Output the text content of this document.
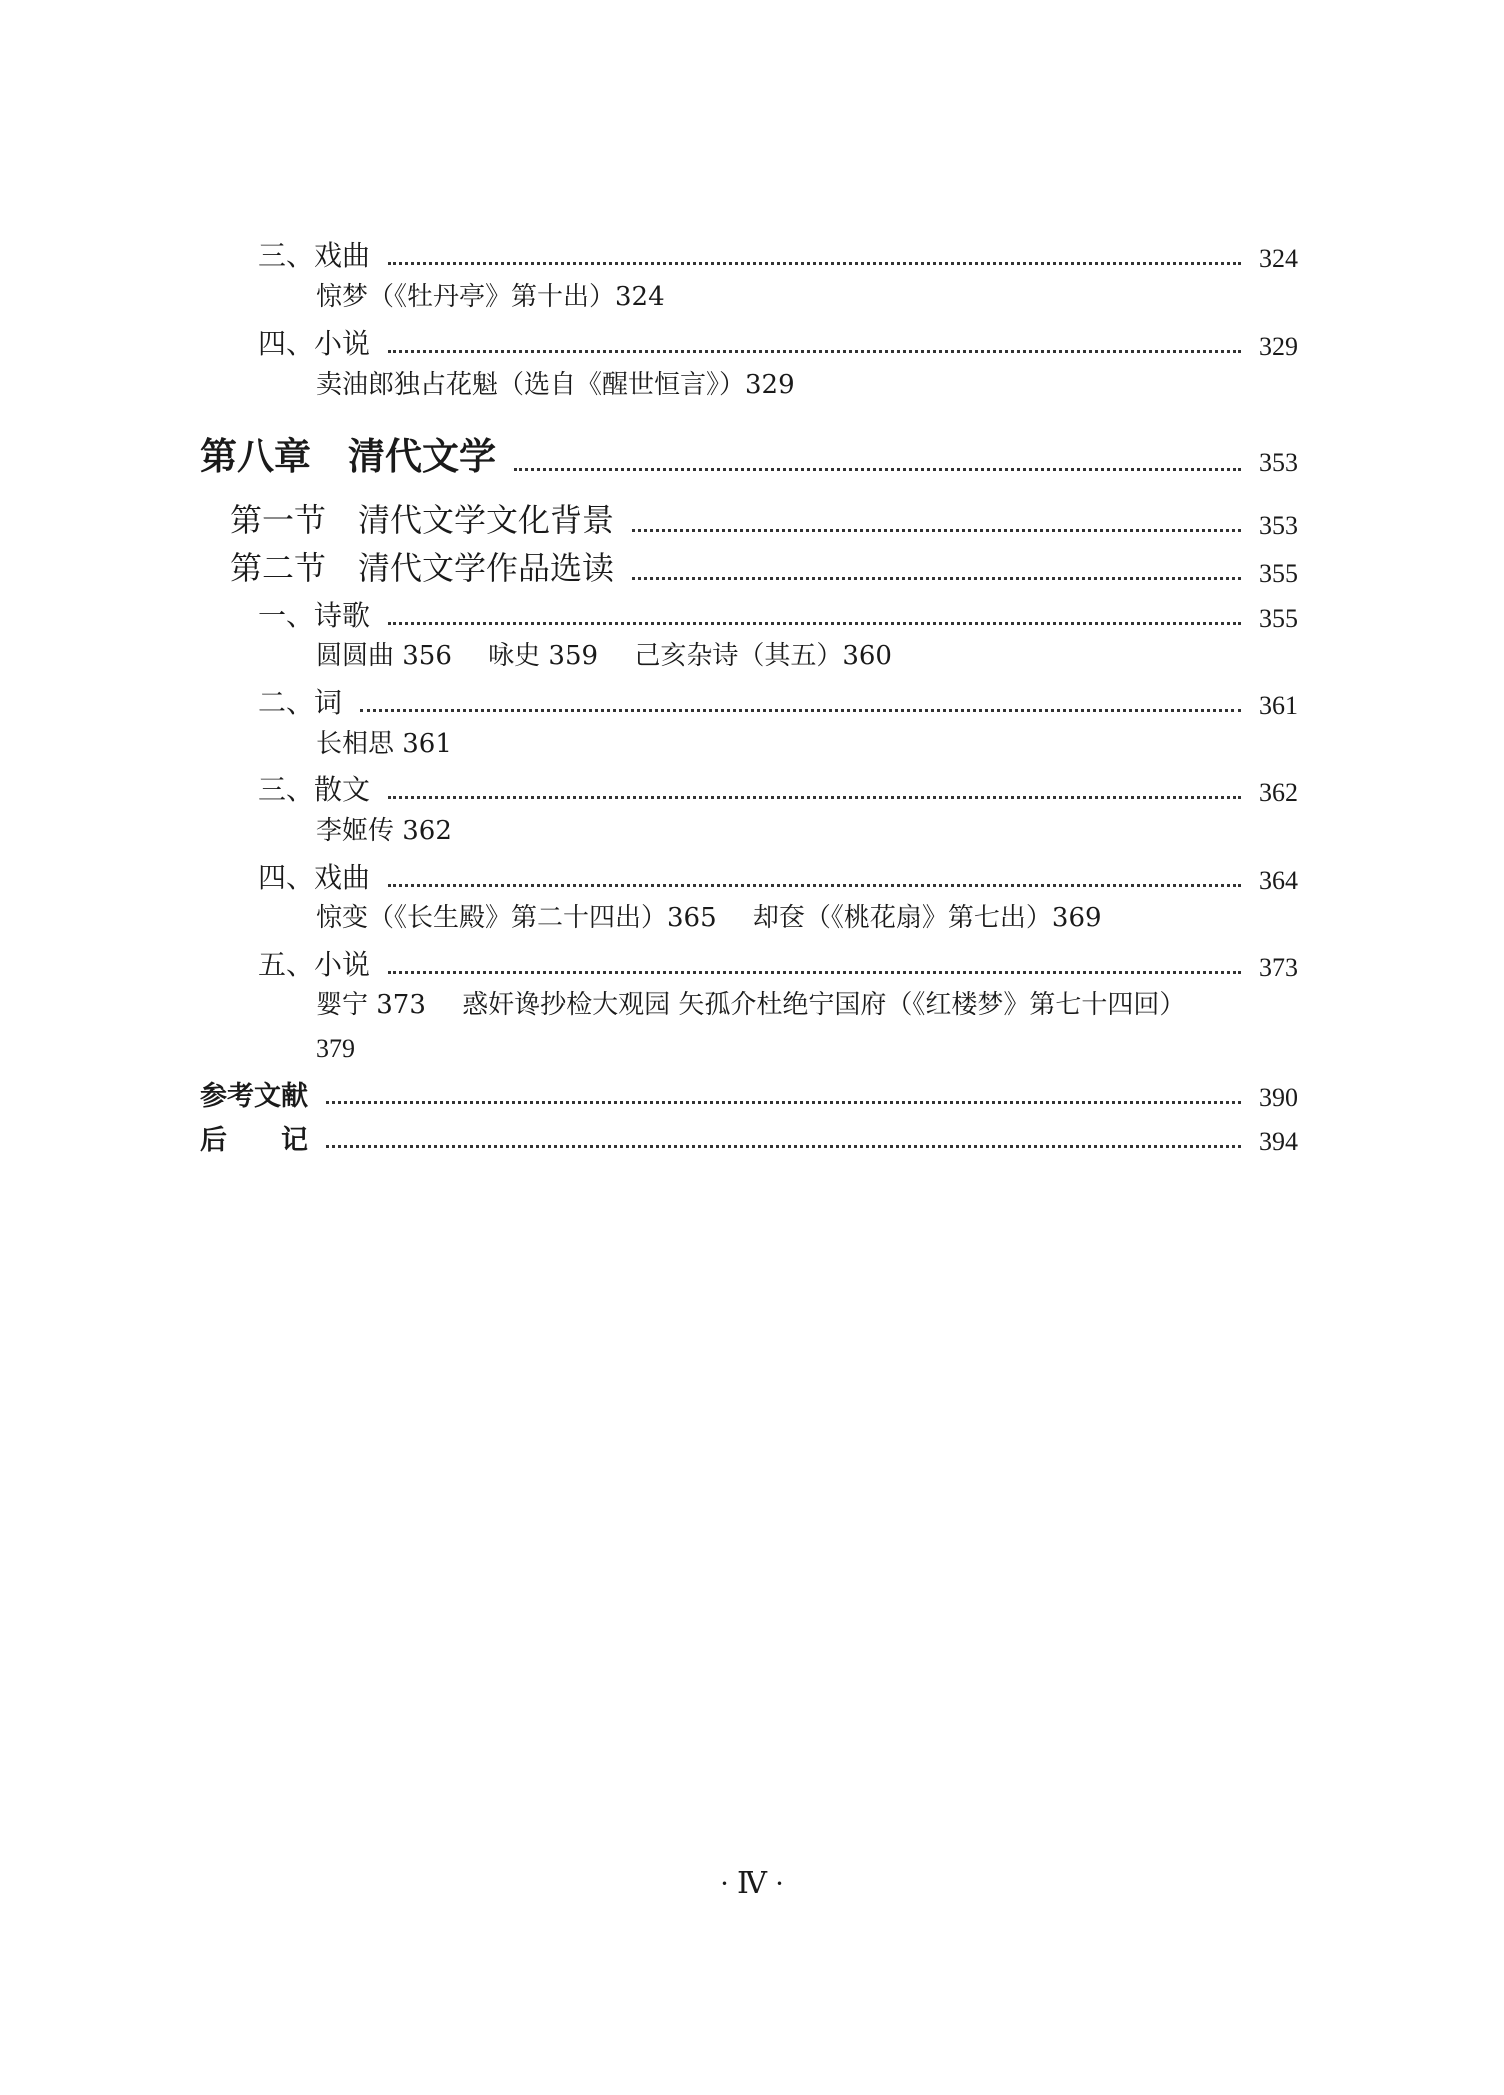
三、戏曲	324
惊梦（《牡丹亭》第十出）324
四、小说	329
卖油郎独占花魁（选自《醒世恒言》）329
第八章　清代文学	353
第一节　清代文学文化背景	353
第二节　清代文学作品选读	355
一、诗歌	355
圆圆曲 356 咏史 359 己亥杂诗（其五）360
二、词	361
长相思 361
三、散文	362
李姬传 362
四、戏曲	364
惊变（《长生殿》第二十四出）365 却奁（《桃花扇》第七出）369
五、小说	373
婴宁 373 惑奸谗抄检大观园 矢孤介杜绝宁国府（《红楼梦》第七十四回）
379
参考文献	390
后　　记	394
· Ⅳ ·
